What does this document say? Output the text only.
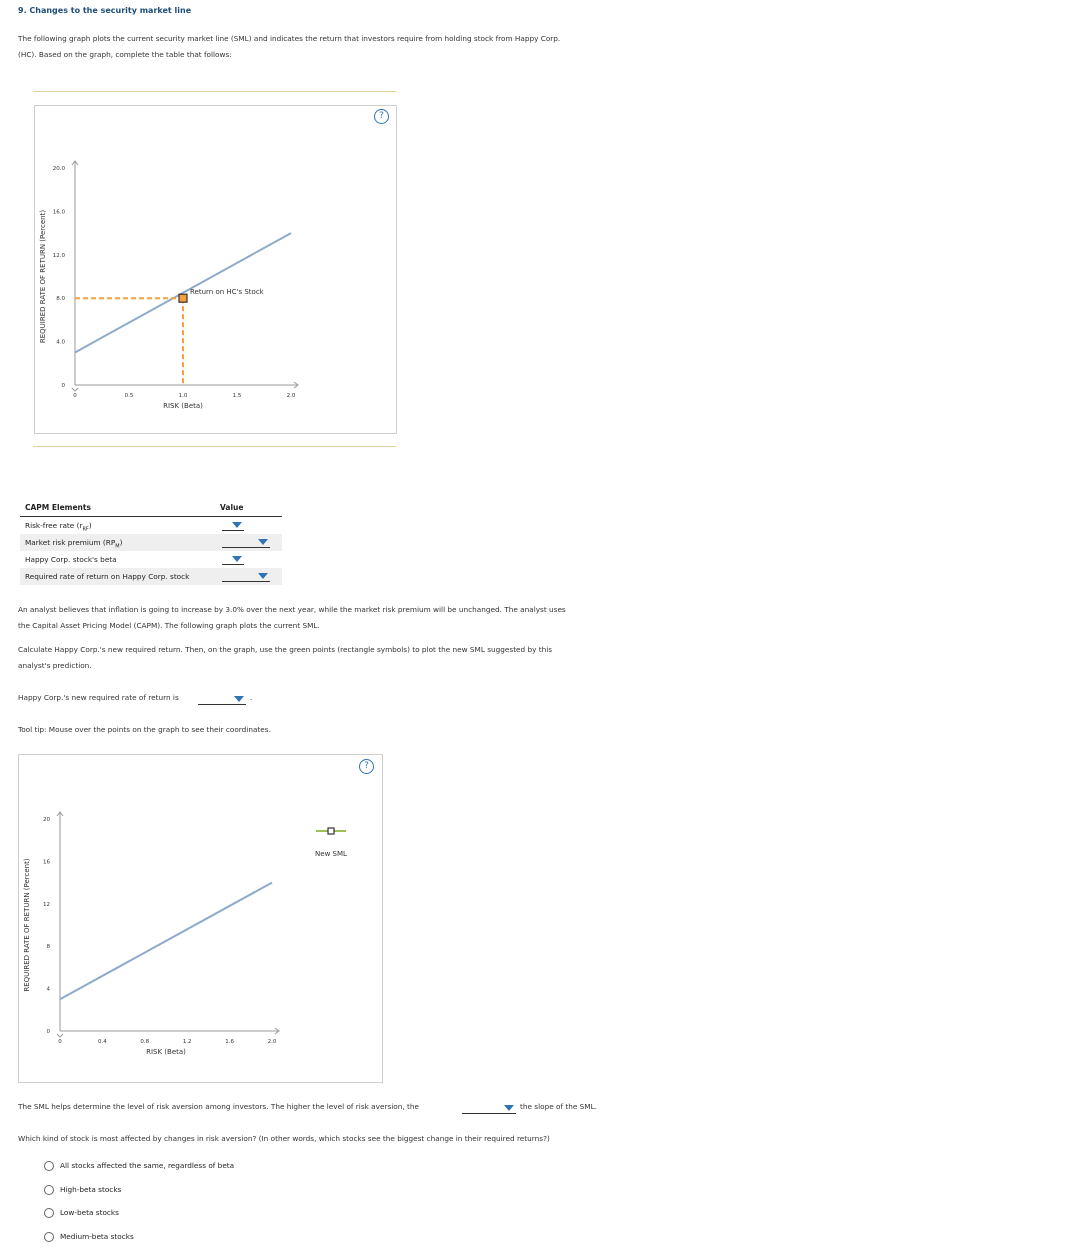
9. Changes to the security market line
The following graph plots the current security market line (SML) and indicates the return that investors require from holding stock from Happy Corp.
(HC). Based on the graph, complete the table that follows:
?
0
4.0
8.0
12.0
16.0
20.0
0	0.5	1.0	1.5	2.0
RISK (Beta)
REQUIRED RATE OF RETURN (Percent)	Return on HC's Stock
CAPM Elements	Value
Risk-free rate $(r_{RF})$
Market risk premium $(RP_M)$
Happy Corp. stock's beta
Required rate of return on Happy Corp. stock
An analyst believes that inflation is going to increase by 3.0% over the next year, while the market risk premium will be unchanged. The analyst uses
the Capital Asset Pricing Model (CAPM). The following graph plots the current SML.
Calculate Happy Corp.'s new required return. Then, on the graph, use the green points (rectangle symbols) to plot the new SML suggested by this
analyst's prediction.
Happy Corp.'s new required rate of return is	.
Tool tip: Mouse over the points on the graph to see their coordinates.
?
0
4
8
12
16
20
0	0.4	0.8	1.2	1.6	2.0
RISK (Beta)
REQUIRED RATE OF RETURN (Percent)
New SML
The SML helps determine the level of risk aversion among investors. The higher the level of risk aversion, the	the slope of the SML.
Which kind of stock is most affected by changes in risk aversion? (In other words, which stocks see the biggest change in their required returns?)
All stocks affected the same, regardless of beta
High-beta stocks
Low-beta stocks
Medium-beta stocks
